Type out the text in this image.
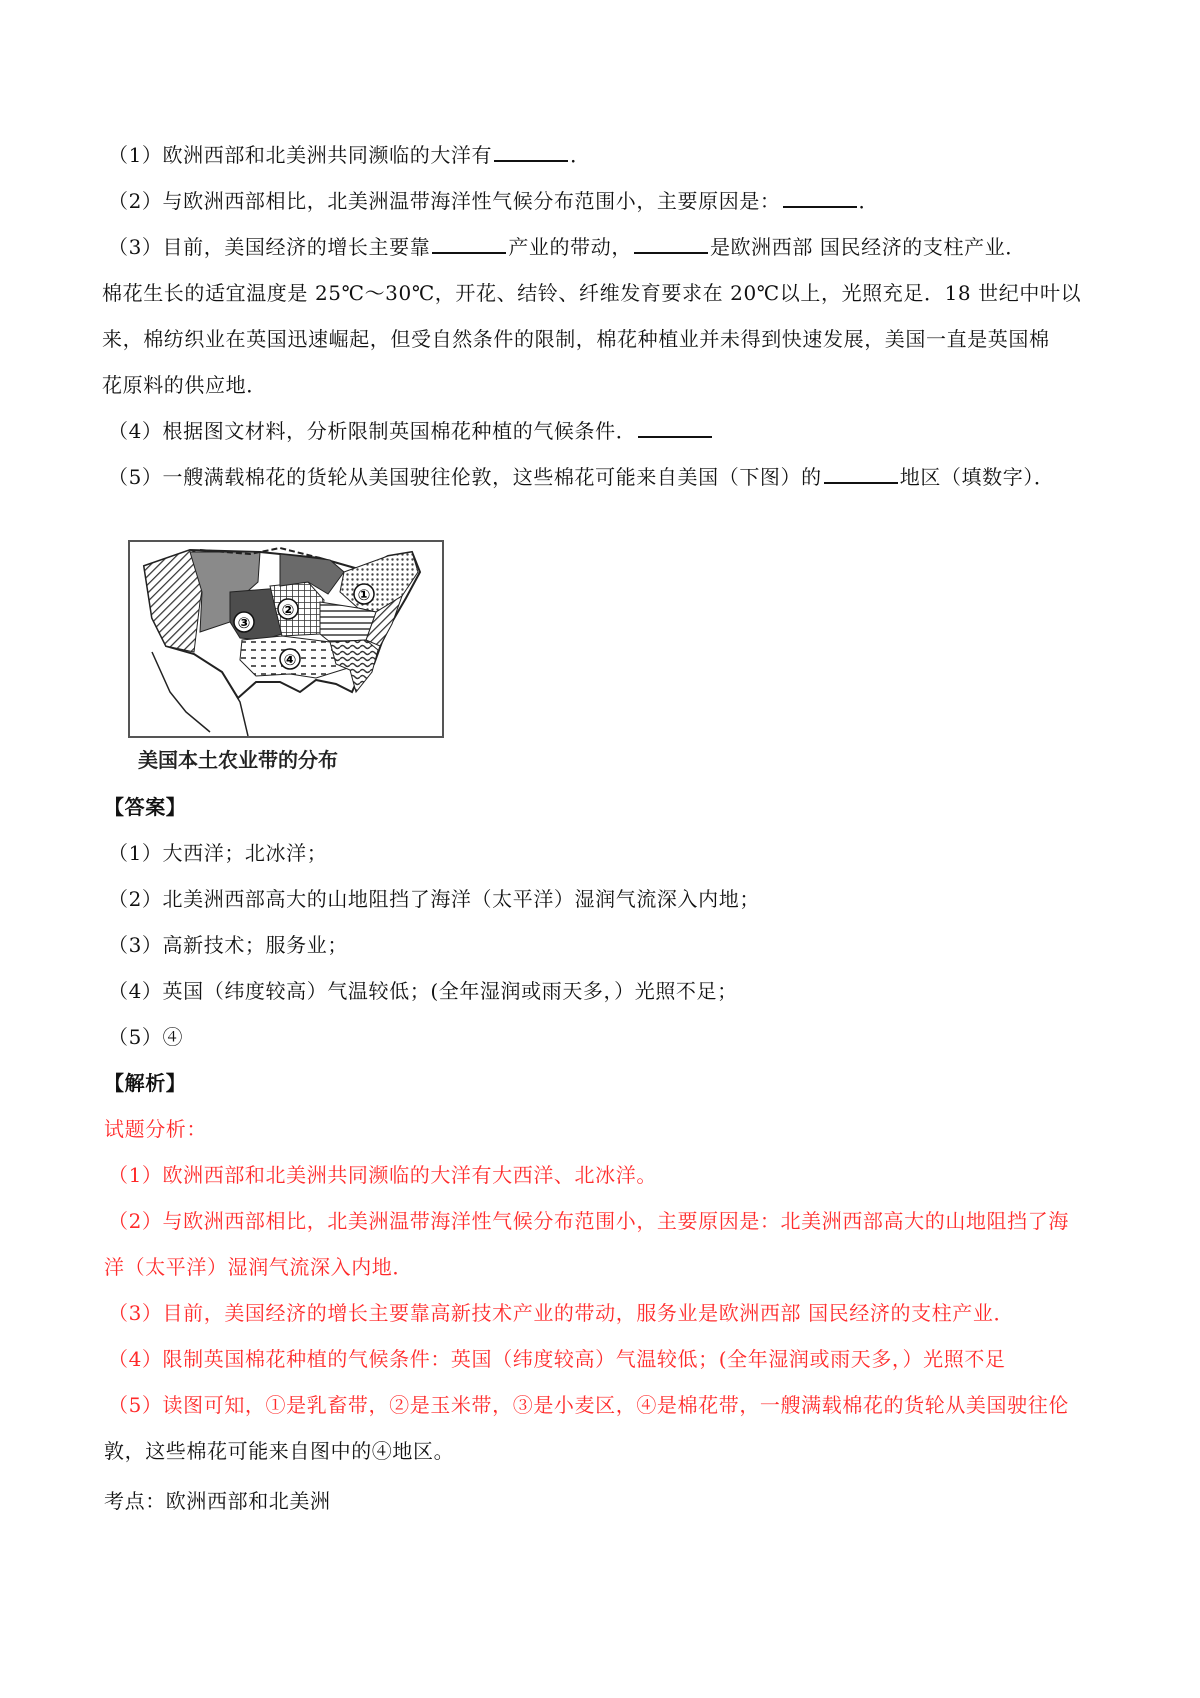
（1）欧洲西部和北美洲共同濒临的大洋有	．
（2）与欧洲西部相比，北美洲温带海洋性气候分布范围小，主要原因是：	．
（3）目前，美国经济的增长主要靠	产业的带动，	是欧洲西部 国民经济的支柱产业．
棉花生长的适宜温度是 25℃～30℃，开花、结铃、纤维发育要求在 20℃以上，光照充足．18 世纪中叶以
来，棉纺织业在英国迅速崛起，但受自然条件的限制，棉花种植业并未得到快速发展，美国一直是英国棉
花原料的供应地．
（4）根据图文材料，分析限制英国棉花种植的气候条件．
（5）一艘满载棉花的货轮从美国驶往伦敦，这些棉花可能来自美国（下图）的	地区（填数字）．
①
②
③
④
美国本土农业带的分布
【答案】
（1）大西洋；北冰洋；
（2）北美洲西部高大的山地阻挡了海洋（太平洋）湿润气流深入内地；
（3）高新技术；服务业；
（4）英国（纬度较高）气温较低；(全年湿润或雨天多，）光照不足；
（5）④
【解析】
试题分析：
（1）欧洲西部和北美洲共同濒临的大洋有大西洋、北冰洋。
（2）与欧洲西部相比，北美洲温带海洋性气候分布范围小，主要原因是：北美洲西部高大的山地阻挡了海
洋（太平洋）湿润气流深入内地．
（3）目前，美国经济的增长主要靠高新技术产业的带动，服务业是欧洲西部 国民经济的支柱产业．
（4）限制英国棉花种植的气候条件：英国（纬度较高）气温较低；(全年湿润或雨天多，）光照不足
（5）读图可知，①是乳畜带，②是玉米带，③是小麦区，④是棉花带，一艘满载棉花的货轮从美国驶往伦
敦，这些棉花可能来自图中的④地区。
考点：欧洲西部和北美洲
